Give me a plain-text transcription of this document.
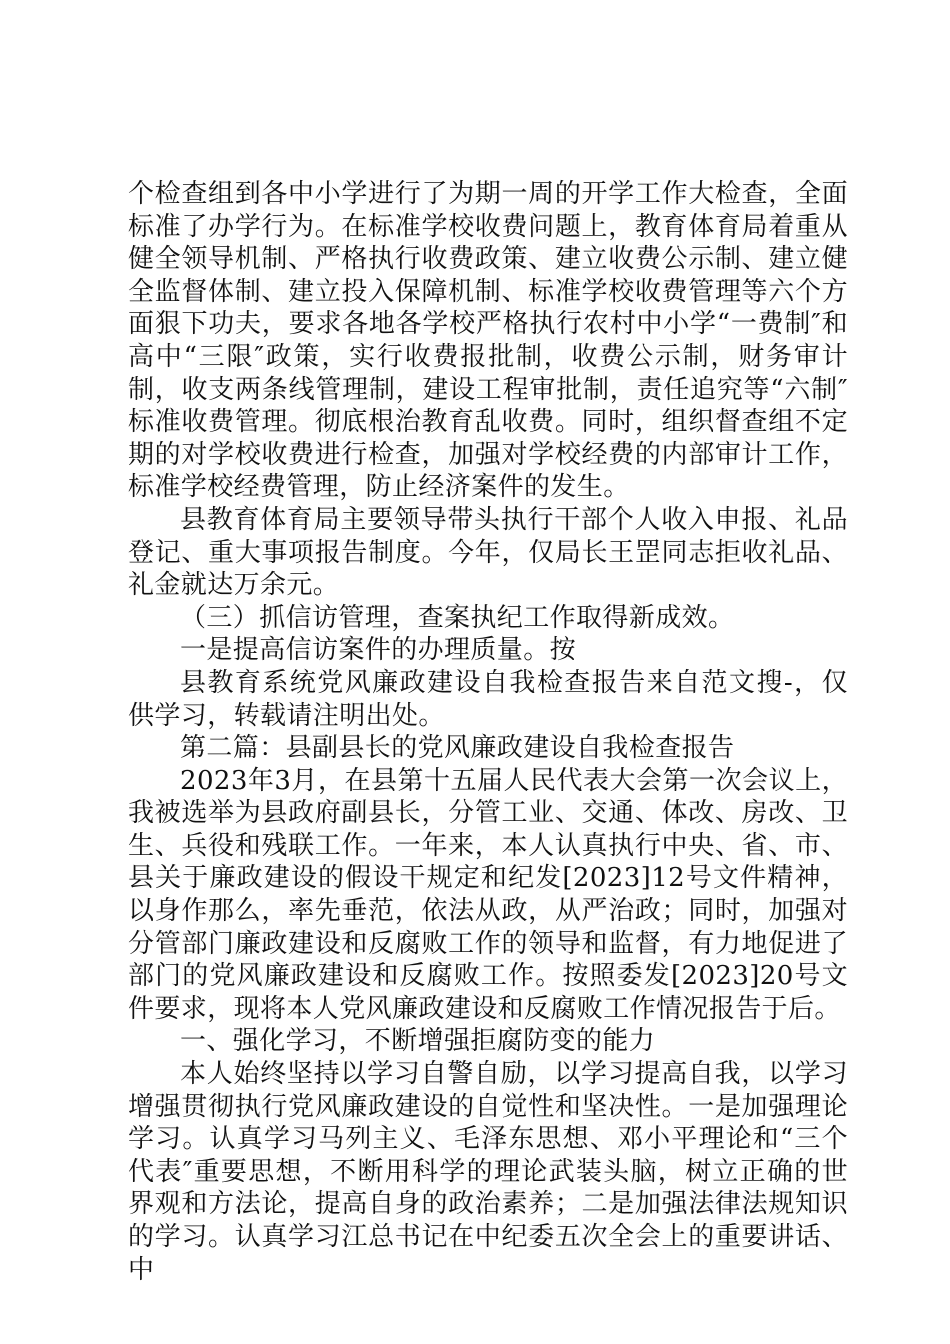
个检查组到各中小学进行了为期一周的开学工作大检查，全面标准了办学行为。在标准学校收费问题上，教育体育局着重从健全领导机制、严格执行收费政策、建立收费公示制、建立健全监督体制、建立投入保障机制、标准学校收费管理等六个方面狠下功夫，要求各地各学校严格执行农村中小学“一费制″和高中“三限″政策，实行收费报批制，收费公示制，财务审计制，收支两条线管理制，建设工程审批制，责任追究等“六制″标准收费管理。彻底根治教育乱收费。同时，组织督查组不定期的对学校收费进行检查，加强对学校经费的内部审计工作，标准学校经费管理，防止经济案件的发生。

县教育体育局主要领导带头执行干部个人收入申报、礼品登记、重大事项报告制度。今年，仅局长王罡同志拒收礼品、礼金就达万余元。

（三）抓信访管理，查案执纪工作取得新成效。

一是提高信访案件的办理质量。按

县教育系统党风廉政建设自我检查报告来自范文搜-，仅供学习，转载请注明出处。

第二篇：县副县长的党风廉政建设自我检查报告

2023年3月，在县第十五届人民代表大会第一次会议上，我被选举为县政府副县长，分管工业、交通、体改、房改、卫生、兵役和残联工作。一年来，本人认真执行中央、省、市、县关于廉政建设的假设干规定和纪发[2023]12号文件精神，以身作那么，率先垂范，依法从政，从严治政；同时，加强对分管部门廉政建设和反腐败工作的领导和监督，有力地促进了部门的党风廉政建设和反腐败工作。按照委发[2023]20号文件要求，现将本人党风廉政建设和反腐败工作情况报告于后。

一、强化学习，不断增强拒腐防变的能力

本人始终坚持以学习自警自励，以学习提高自我，以学习增强贯彻执行党风廉政建设的自觉性和坚决性。一是加强理论学习。认真学习马列主义、毛泽东思想、邓小平理论和“三个代表″重要思想，不断用科学的理论武装头脑，树立正确的世界观和方法论，提高自身的政治素养；二是加强法律法规知识的学习。认真学习江总书记在中纪委五次全会上的重要讲话、中
